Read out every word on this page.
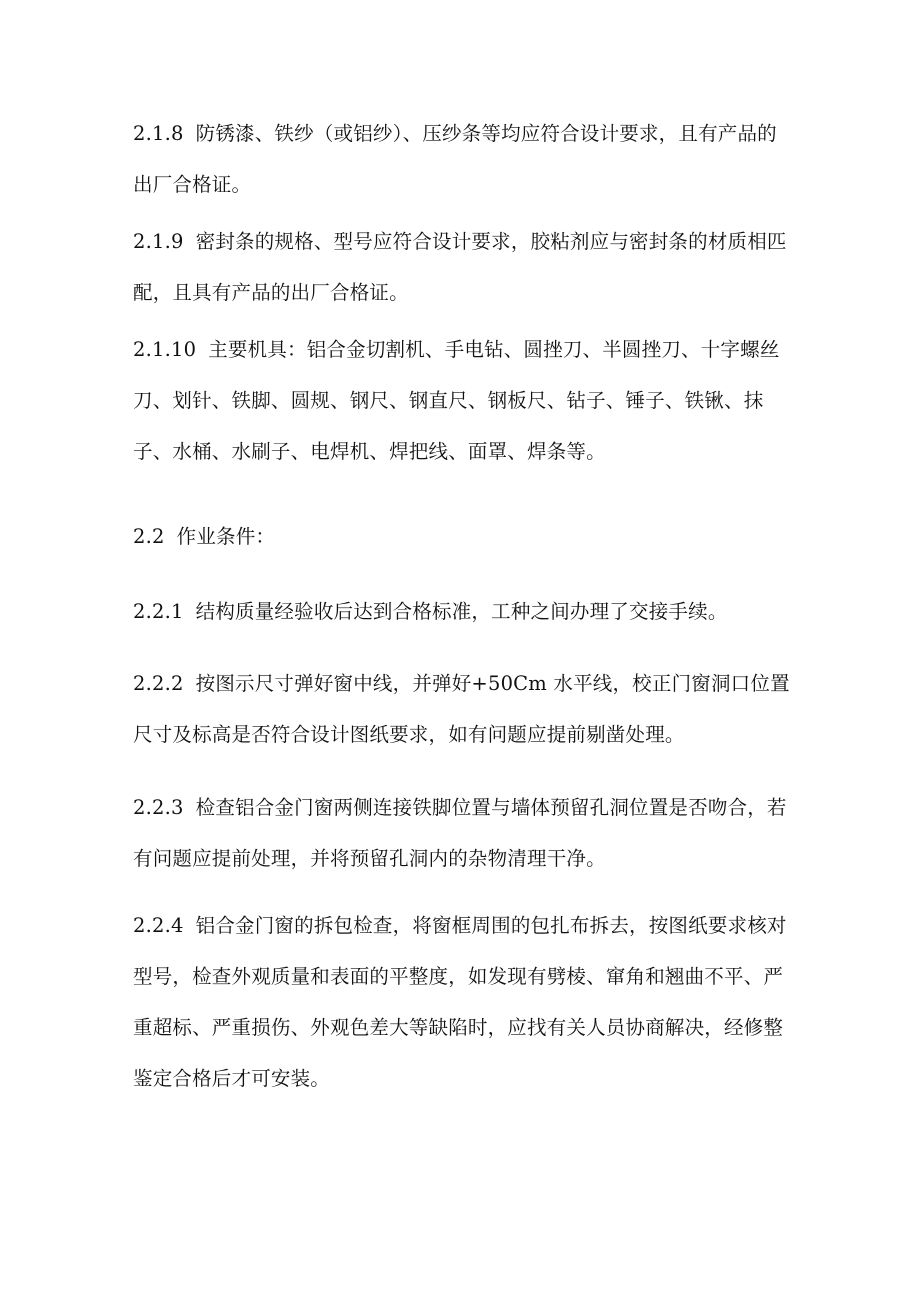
2.1.8 防锈漆、铁纱（或铝纱）、压纱条等均应符合设计要求，且有产品的出厂合格证。

2.1.9 密封条的规格、型号应符合设计要求，胶粘剂应与密封条的材质相匹配，且具有产品的出厂合格证。

2.1.10 主要机具：铝合金切割机、手电钻、圆挫刀、半圆挫刀、十字螺丝刀、划针、铁脚、圆规、钢尺、钢直尺、钢板尺、钻子、锤子、铁锹、抹子、水桶、水刷子、电焊机、焊把线、面罩、焊条等。

2.2 作业条件：

2.2.1 结构质量经验收后达到合格标准，工种之间办理了交接手续。

2.2.2 按图示尺寸弹好窗中线，并弹好+50Cm 水平线，校正门窗洞口位置尺寸及标高是否符合设计图纸要求，如有问题应提前剔凿处理。

2.2.3 检查铝合金门窗两侧连接铁脚位置与墙体预留孔洞位置是否吻合，若有问题应提前处理，并将预留孔洞内的杂物清理干净。

2.2.4 铝合金门窗的拆包检查，将窗框周围的包扎布拆去，按图纸要求核对型号，检查外观质量和表面的平整度，如发现有劈棱、窜角和翘曲不平、严重超标、严重损伤、外观色差大等缺陷时，应找有关人员协商解决，经修整鉴定合格后才可安装。
